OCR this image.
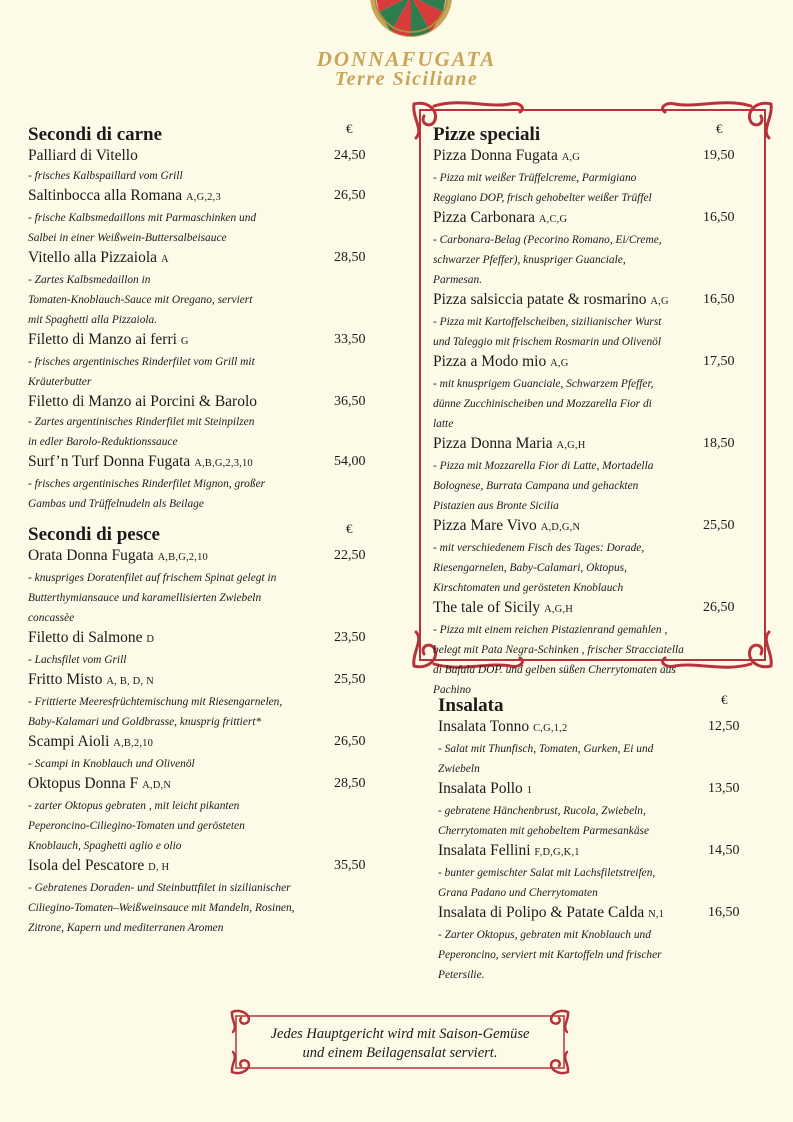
DONNAFUGATA
Terre Siciliane
Secondi di carne	€
Palliard di Vitello	24,50
- frisches Kalbspaillard vom Grill
Saltinbocca alla Romana A,G,2,3	26,50
- frische Kalbsmedaillons mit Parmaschinken und
Salbei in einer Weißwein-Buttersalbeisauce
Vitello alla Pizzaiola A	28,50
- Zartes Kalbsmedaillon in
Tomaten-Knoblauch-Sauce mit Oregano, serviert
mit Spaghetti alla Pizzaiola.
Filetto di Manzo ai ferri G	33,50
- frisches argentinisches Rinderfilet vom Grill mit
Kräuterbutter
Filetto di Manzo ai Porcini & Barolo	36,50
- Zartes argentinisches Rinderfilet mit Steinpilzen
in edler Barolo-Reduktionssauce
Surf’n Turf Donna Fugata A,B,G,2,3,10	54,00
- frisches argentinisches Rinderfilet Mignon, großer
Gambas und Trüffelnudeln als Beilage
Secondi di pesce	€
Orata Donna Fugata A,B,G,2,10	22,50
- knuspriges Doratenfilet auf frischem Spinat gelegt in
Butterthymiansauce und karamellisierten Zwiebeln
concassèe
Filetto di Salmone D	23,50
- Lachsfilet vom Grill
Fritto Misto A, B, D, N	25,50
- Frittierte Meeresfrüchtemischung mit Riesengarnelen,
Baby-Kalamari und Goldbrasse, knusprig frittiert*
Scampi Aioli A,B,2,10	26,50
- Scampi in Knoblauch und Olivenöl
Oktopus Donna F A,D,N	28,50
- zarter Oktopus gebraten , mit leicht pikanten
Peperoncino-Ciliegino-Tomaten und gerösteten
Knoblauch, Spaghetti aglio e olio
Isola del Pescatore D, H	35,50
- Gebratenes Doraden- und Steinbuttfilet in sizilianischer
Ciliegino-Tomaten–Weißweinsauce mit Mandeln, Rosinen,
Zitrone, Kapern und mediterranen Aromen
Pizze speciali	€
Pizza Donna Fugata A,G	19,50
- Pizza mit weißer Trüffelcreme, Parmigiano
Reggiano DOP, frisch gehobelter weißer Trüffel
Pizza Carbonara A,C,G	16,50
- Carbonara-Belag (Pecorino Romano, Ei/Creme,
schwarzer Pfeffer), knuspriger Guanciale,
Parmesan.
Pizza salsiccia patate & rosmarino A,G	16,50
- Pizza mit Kartoffelscheiben, sizilianischer Wurst
und Taleggio mit frischem Rosmarin und Olivenöl
Pizza a Modo mio A,G	17,50
- mit knusprigem Guanciale, Schwarzem Pfeffer,
dünne Zucchinischeiben und Mozzarella Fior di
latte
Pizza Donna Maria A,G,H	18,50
- Pizza mit Mozzarella Fior di Latte, Mortadella
Bolognese, Burrata Campana und gehackten
Pistazien aus Bronte Sicilia
Pizza Mare Vivo A,D,G,N	25,50
- mit verschiedenem Fisch des Tages: Dorade,
Riesengarnelen, Baby-Calamari, Oktopus,
Kirschtomaten und gerösteten Knoblauch
The tale of Sicily A,G,H	26,50
- Pizza mit einem reichen Pistazienrand gemahlen ,
belegt mit Pata Negra-Schinken , frischer Stracciatella
di Bufula DOP. und gelben süßen Cherrytomaten aus
Pachino
Insalata	€
Insalata Tonno C,G,1,2	12,50
- Salat mit Thunfisch, Tomaten, Gurken, Ei und
Zwiebeln
Insalata Pollo 1	13,50
- gebratene Hänchenbrust, Rucola, Zwiebeln,
Cherrytomaten mit gehobeltem Parmesankäse
Insalata Fellini F,D,G,K,1	14,50
- bunter gemischter Salat mit Lachsfiletstreifen,
Grana Padano und Cherrytomaten
Insalata di Polipo & Patate Calda N,1	16,50
- Zarter Oktopus, gebraten mit Knoblauch und
Peperoncino, serviert mit Kartoffeln und frischer
Petersilie.
Jedes Hauptgericht wird mit Saison-Gemüse
und einem Beilagensalat serviert.
